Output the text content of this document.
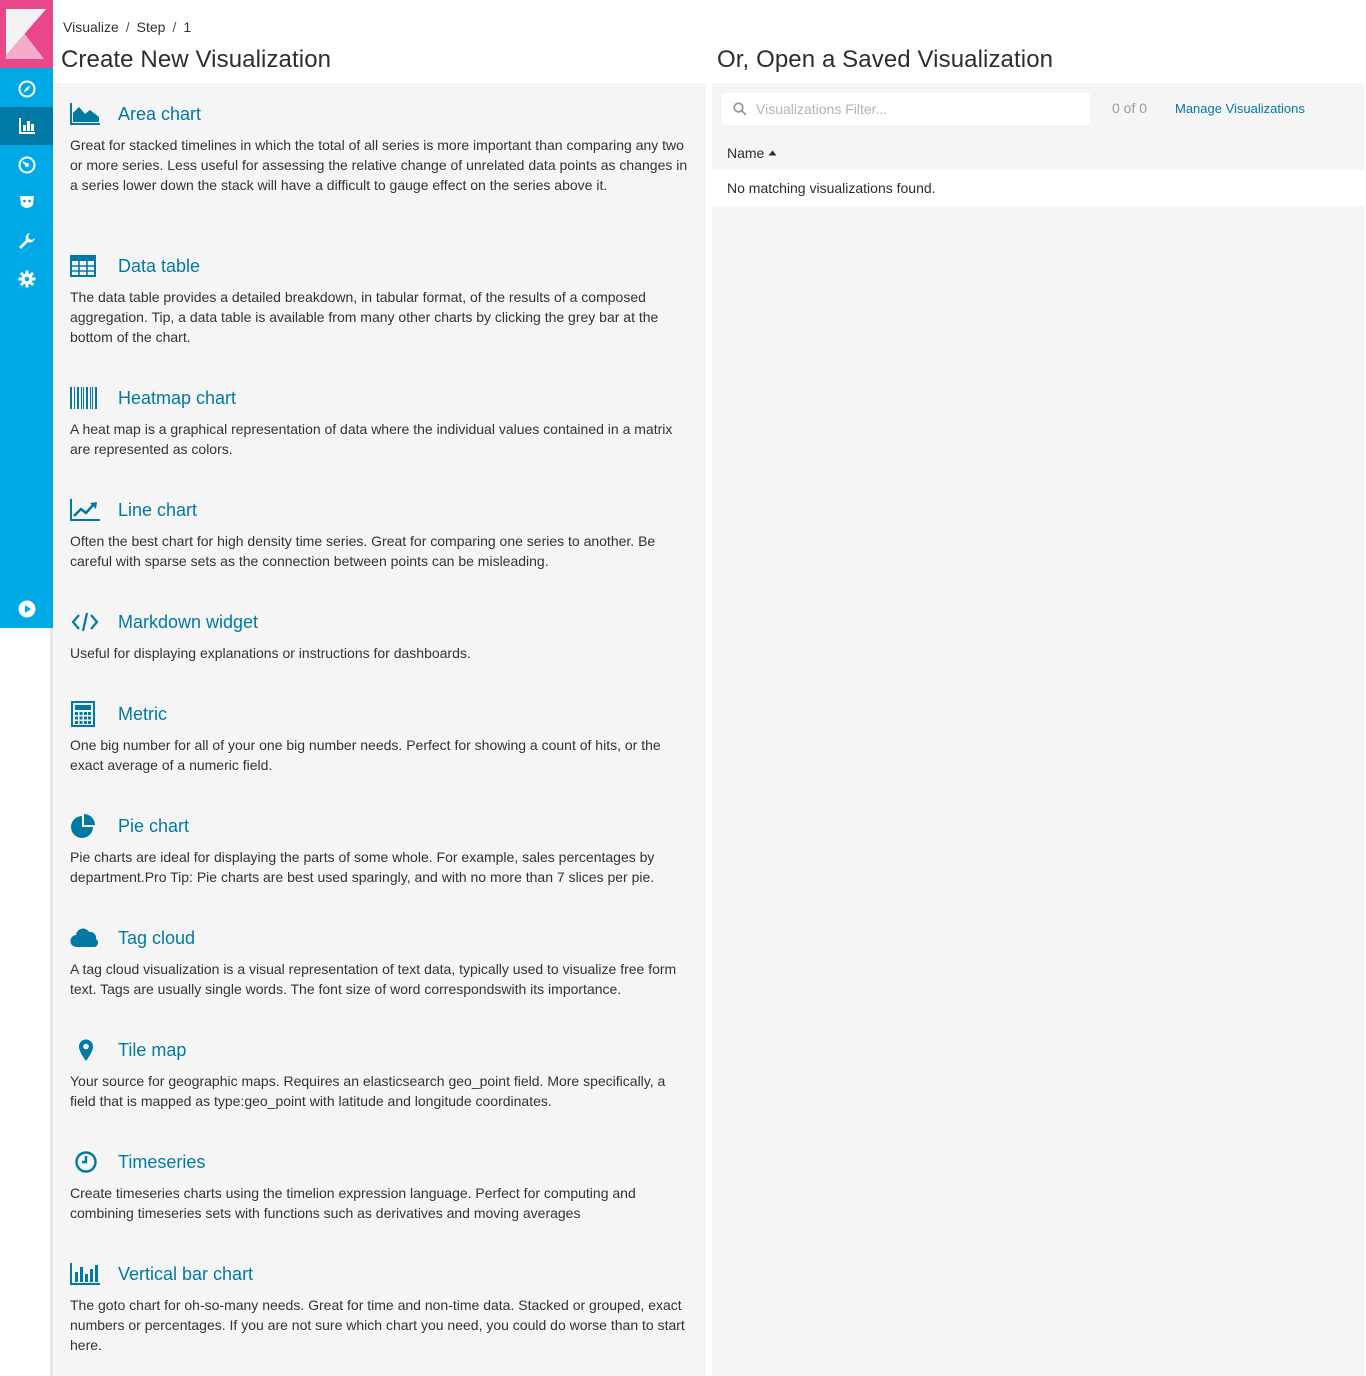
Visualize / Step / 1
Create New Visualization	Or, Open a Saved Visualization
Area chart

Great for stacked timelines in which the total of all series is more important than comparing any two or more series. Less useful for assessing the relative change of unrelated data points as changes in a series lower down the stack will have a difficult to gauge effect on the series above it.

Data table

The data table provides a detailed breakdown, in tabular format, of the results of a composed aggregation. Tip, a data table is available from many other charts by clicking the grey bar at the bottom of the chart.

Heatmap chart

A heat map is a graphical representation of data where the individual values contained in a matrix are represented as colors.

Line chart

Often the best chart for high density time series. Great for comparing one series to another. Be careful with sparse sets as the connection between points can be misleading.

Markdown widget

Useful for displaying explanations or instructions for dashboards.

Metric

One big number for all of your one big number needs. Perfect for showing a count of hits, or the exact average of a numeric field.

Pie chart

Pie charts are ideal for displaying the parts of some whole. For example, sales percentages by department.Pro Tip: Pie charts are best used sparingly, and with no more than 7 slices per pie.

Tag cloud

A tag cloud visualization is a visual representation of text data, typically used to visualize free form text. Tags are usually single words. The font size of word correspondswith its importance.

Tile map

Your source for geographic maps. Requires an elasticsearch geo_point field. More specifically, a field that is mapped as type:geo_point with latitude and longitude coordinates.

Timeseries

Create timeseries charts using the timelion expression language. Perfect for computing and combining timeseries sets with functions such as derivatives and moving averages

Vertical bar chart

The goto chart for oh-so-many needs. Great for time and non-time data. Stacked or grouped, exact numbers or percentages. If you are not sure which chart you need, you could do worse than to start here.

Visualizations Filter...
0 of 0 Manage Visualizations
Name
No matching visualizations found.
